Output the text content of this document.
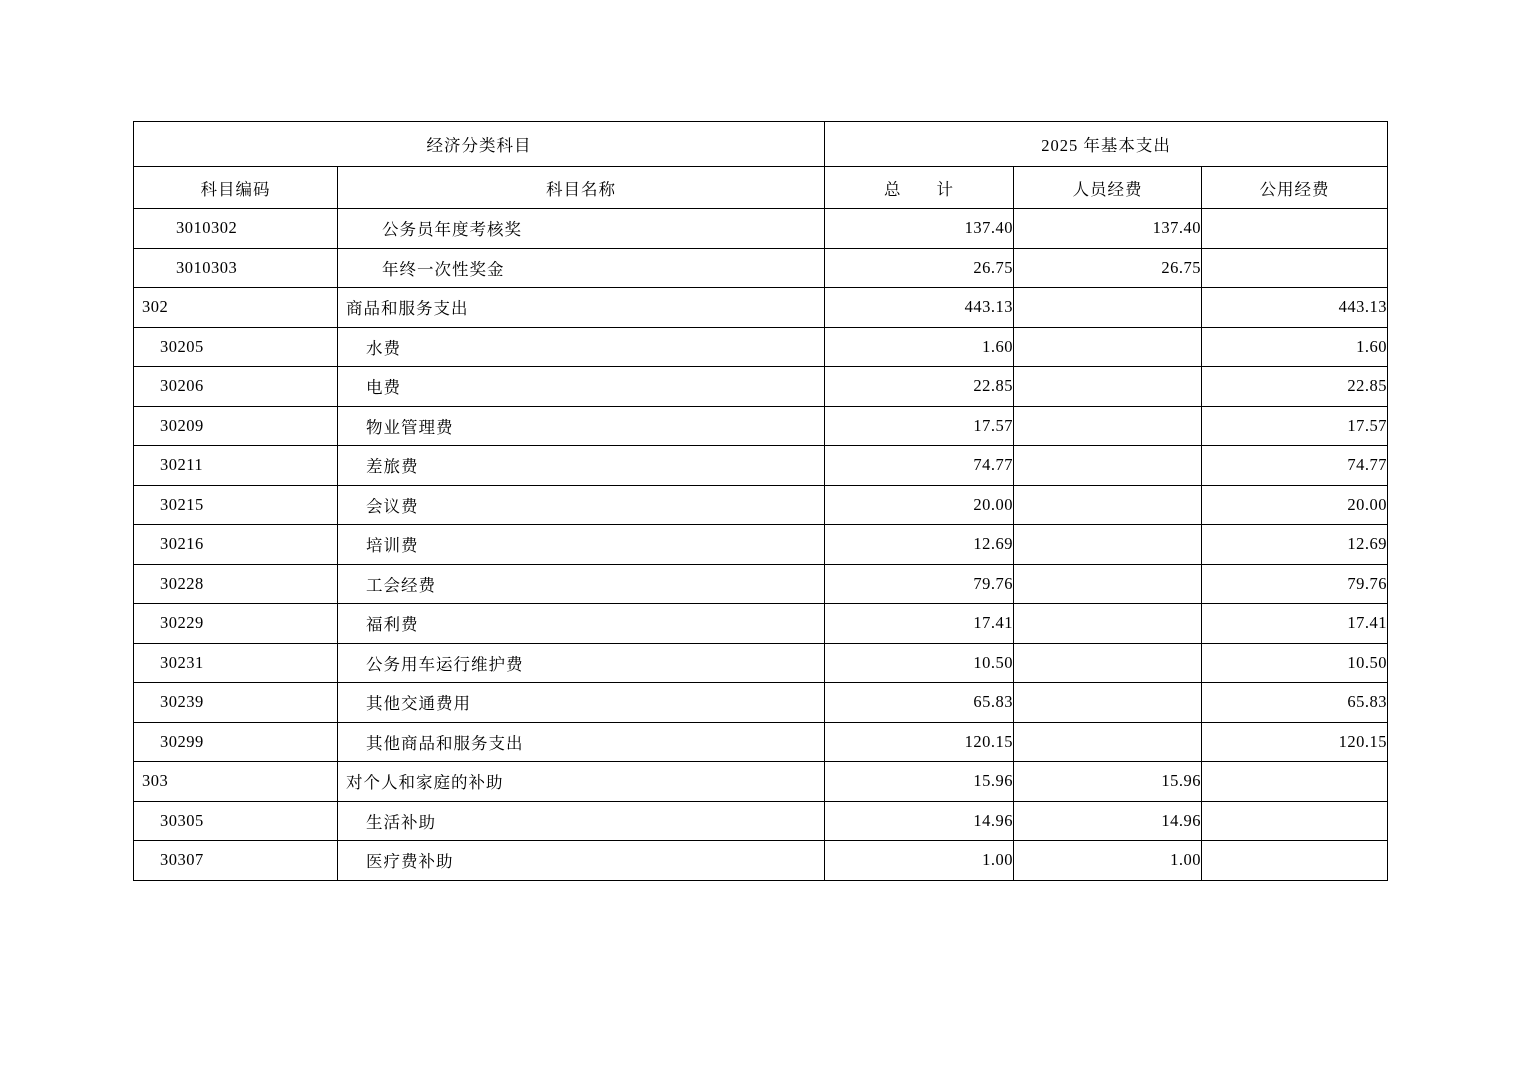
经济分类科目		2025 年基本支出		
科目编码	科目名称	总　　计	人员经费	公用经费
3010302	公务员年度考核奖	137.40	137.40	
3010303	年终一次性奖金	26.75	26.75	
302	商品和服务支出	443.13		443.13
30205	水费	1.60		1.60
30206	电费	22.85		22.85
30209	物业管理费	17.57		17.57
30211	差旅费	74.77		74.77
30215	会议费	20.00		20.00
30216	培训费	12.69		12.69
30228	工会经费	79.76		79.76
30229	福利费	17.41		17.41
30231	公务用车运行维护费	10.50		10.50
30239	其他交通费用	65.83		65.83
30299	其他商品和服务支出	120.15		120.15
303	对个人和家庭的补助	15.96	15.96	
30305	生活补助	14.96	14.96	
30307	医疗费补助	1.00	1.00	
